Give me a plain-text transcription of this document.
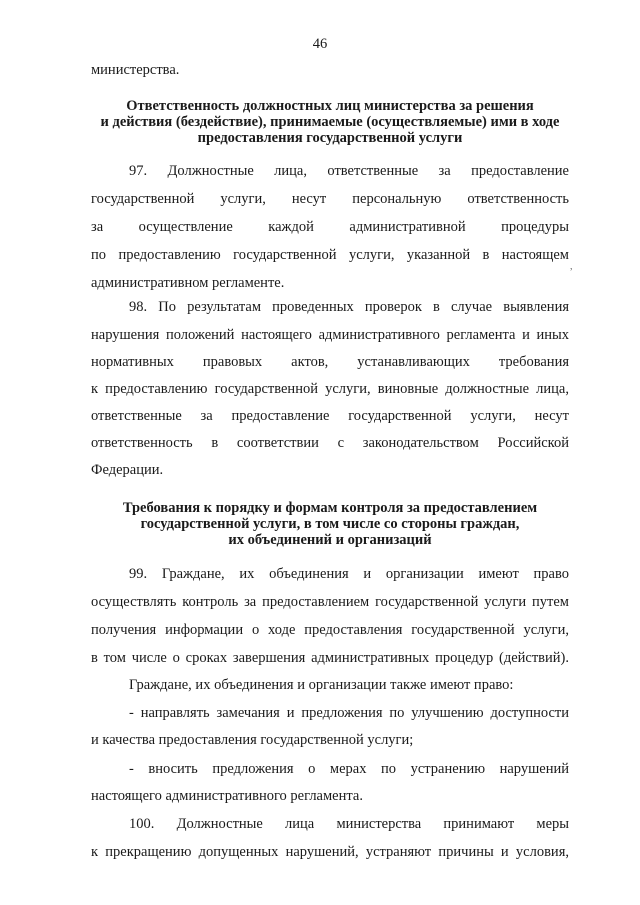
46
министерства.
Ответственность должностных лиц министерства за решения
и действия (бездействие), принимаемые (осуществляемые) ими в ходе
предоставления государственной услуги
97. Должностные лица, ответственные за предоставление
государственной услуги, несут персональную ответственность
за осуществление каждой административной процедуры
по предоставлению государственной услуги, указанной в настоящем
административном регламенте.
,
98. По результатам проведенных проверок в случае выявления
нарушения положений настоящего административного регламента и иных
нормативных правовых актов, устанавливающих требования
к предоставлению государственной услуги, виновные должностные лица,
ответственные за предоставление государственной услуги, несут
ответственность в соответствии с законодательством Российской
Федерации.
Требования к порядку и формам контроля за предоставлением
государственной услуги, в том числе со стороны граждан,
их объединений и организаций
99. Граждане, их объединения и организации имеют право
осуществлять контроль за предоставлением государственной услуги путем
получения информации о ходе предоставления государственной услуги,
в том числе о сроках завершения административных процедур (действий).
Граждане, их объединения и организации также имеют право:
- направлять замечания и предложения по улучшению доступности
и качества предоставления государственной услуги;
- вносить предложения о мерах по устранению нарушений
настоящего административного регламента.
100. Должностные лица министерства принимают меры
к прекращению допущенных нарушений, устраняют причины и условия,
